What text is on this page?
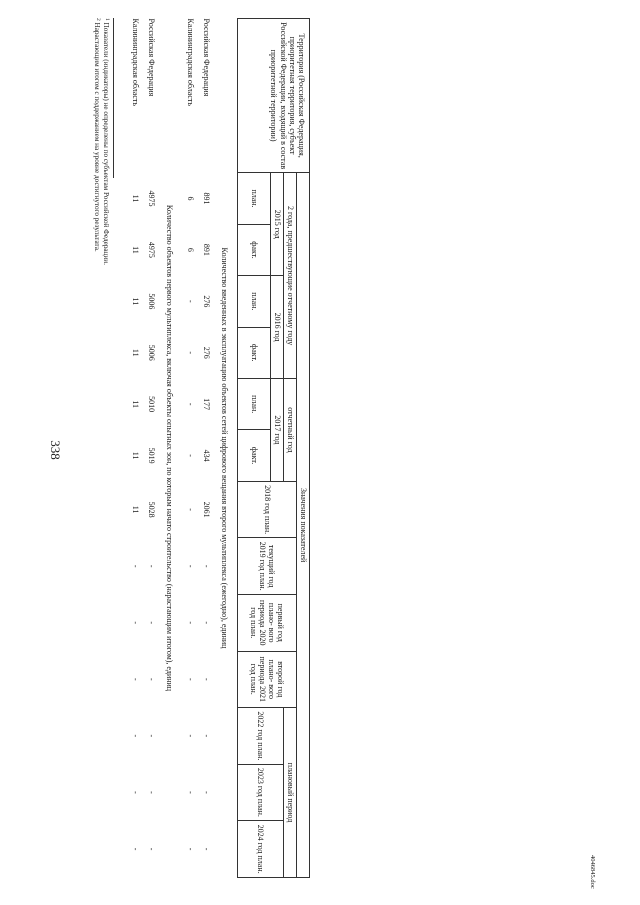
338
Территория (Российская Федерация, приоритетная территория, субъект Российской Федерации, входящий в состав приоритетной территории)	Значения показателей												
	2 года, предшествующие отчетному году				отчетный год		2018 год план.	текущий год 2019 год план.	первый год плано- вого периода 2020 год план.	второй год плано- вого периода 2021 год план.	плановый период		
	2015 год		2016 год		2017 год						2022 год план.	2023 год план.	2024 год план.
	план.	факт.	план.	факт.	план.	факт.							
Количество введенных в эксплуатацию объектов сетей цифрового вещания второго мультиплекса (ежегодно), единиц													
Российская Федерация	891	891	276	276	177	434	2061	-	-	-	-	-	-
Калининградская область	6	6	-	-	-	-	-	-	-	-	-	-	-
Количество объектов первого мультиплекса, включая объекты опытных зон, по которым начато строительство (нарастающим итогом), единиц													
Российская Федерация	4975	4975	5006	5006	5010	5019	5028	-	-	-	-	-	-
Калининградская область	11	11	11	11	11	11	11	-	-	-	-	-	-
$^1$ Показатели (индикаторы) не определены по субъектам Российской Федерации.
$^2$ Нарастающим итогом с поддержанием на уровне достигнутого результата.
4046845.doc
